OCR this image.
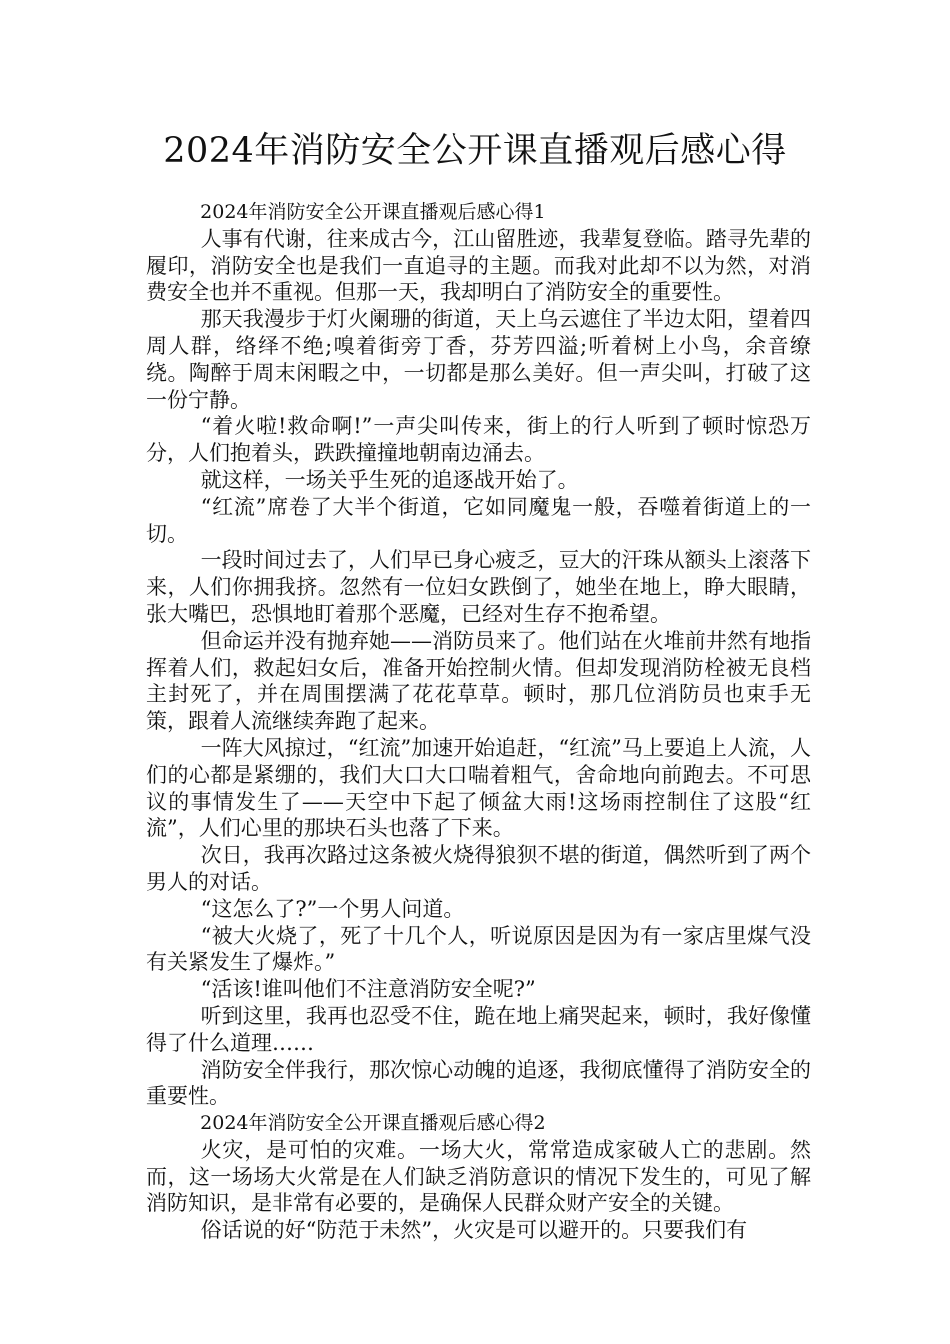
2024年消防安全公开课直播观后感心得

2024年消防安全公开课直播观后感心得1

人事有代谢，往来成古今，江山留胜迹，我辈复登临。踏寻先辈的履印，消防安全也是我们一直追寻的主题。而我对此却不以为然，对消费安全也并不重视。但那一天，我却明白了消防安全的重要性。

那天我漫步于灯火阑珊的街道，天上乌云遮住了半边太阳，望着四周人群，络绎不绝;嗅着街旁丁香，芬芳四溢;听着树上小鸟，余音缭绕。陶醉于周末闲暇之中，一切都是那么美好。但一声尖叫，打破了这一份宁静。

“着火啦!救命啊!”一声尖叫传来，街上的行人听到了顿时惊恐万分，人们抱着头，跌跌撞撞地朝南边涌去。

就这样，一场关乎生死的追逐战开始了。

“红流”席卷了大半个街道，它如同魔鬼一般，吞噬着街道上的一切。

一段时间过去了，人们早已身心疲乏，豆大的汗珠从额头上滚落下来，人们你拥我挤。忽然有一位妇女跌倒了，她坐在地上，睁大眼睛，张大嘴巴，恐惧地盯着那个恶魔，已经对生存不抱希望。

但命运并没有抛弃她——消防员来了。他们站在火堆前井然有地指挥着人们，救起妇女后，准备开始控制火情。但却发现消防栓被无良档主封死了，并在周围摆满了花花草草。顿时，那几位消防员也束手无策，跟着人流继续奔跑了起来。

一阵大风掠过，“红流”加速开始追赶，“红流”马上要追上人流，人们的心都是紧绷的，我们大口大口喘着粗气，舍命地向前跑去。不可思议的事情发生了——天空中下起了倾盆大雨!这场雨控制住了这股“红流”，人们心里的那块石头也落了下来。

次日，我再次路过这条被火烧得狼狈不堪的街道，偶然听到了两个男人的对话。

“这怎么了?”一个男人问道。

“被大火烧了，死了十几个人，听说原因是因为有一家店里煤气没有关紧发生了爆炸。”

“活该!谁叫他们不注意消防安全呢?”

听到这里，我再也忍受不住，跪在地上痛哭起来，顿时，我好像懂得了什么道理……

消防安全伴我行，那次惊心动魄的追逐，我彻底懂得了消防安全的重要性。

2024年消防安全公开课直播观后感心得2

火灾，是可怕的灾难。一场大火，常常造成家破人亡的悲剧。然而，这一场场大火常是在人们缺乏消防意识的情况下发生的，可见了解消防知识，是非常有必要的，是确保人民群众财产安全的关键。

俗话说的好“防范于未然”，火灾是可以避开的。只要我们有
